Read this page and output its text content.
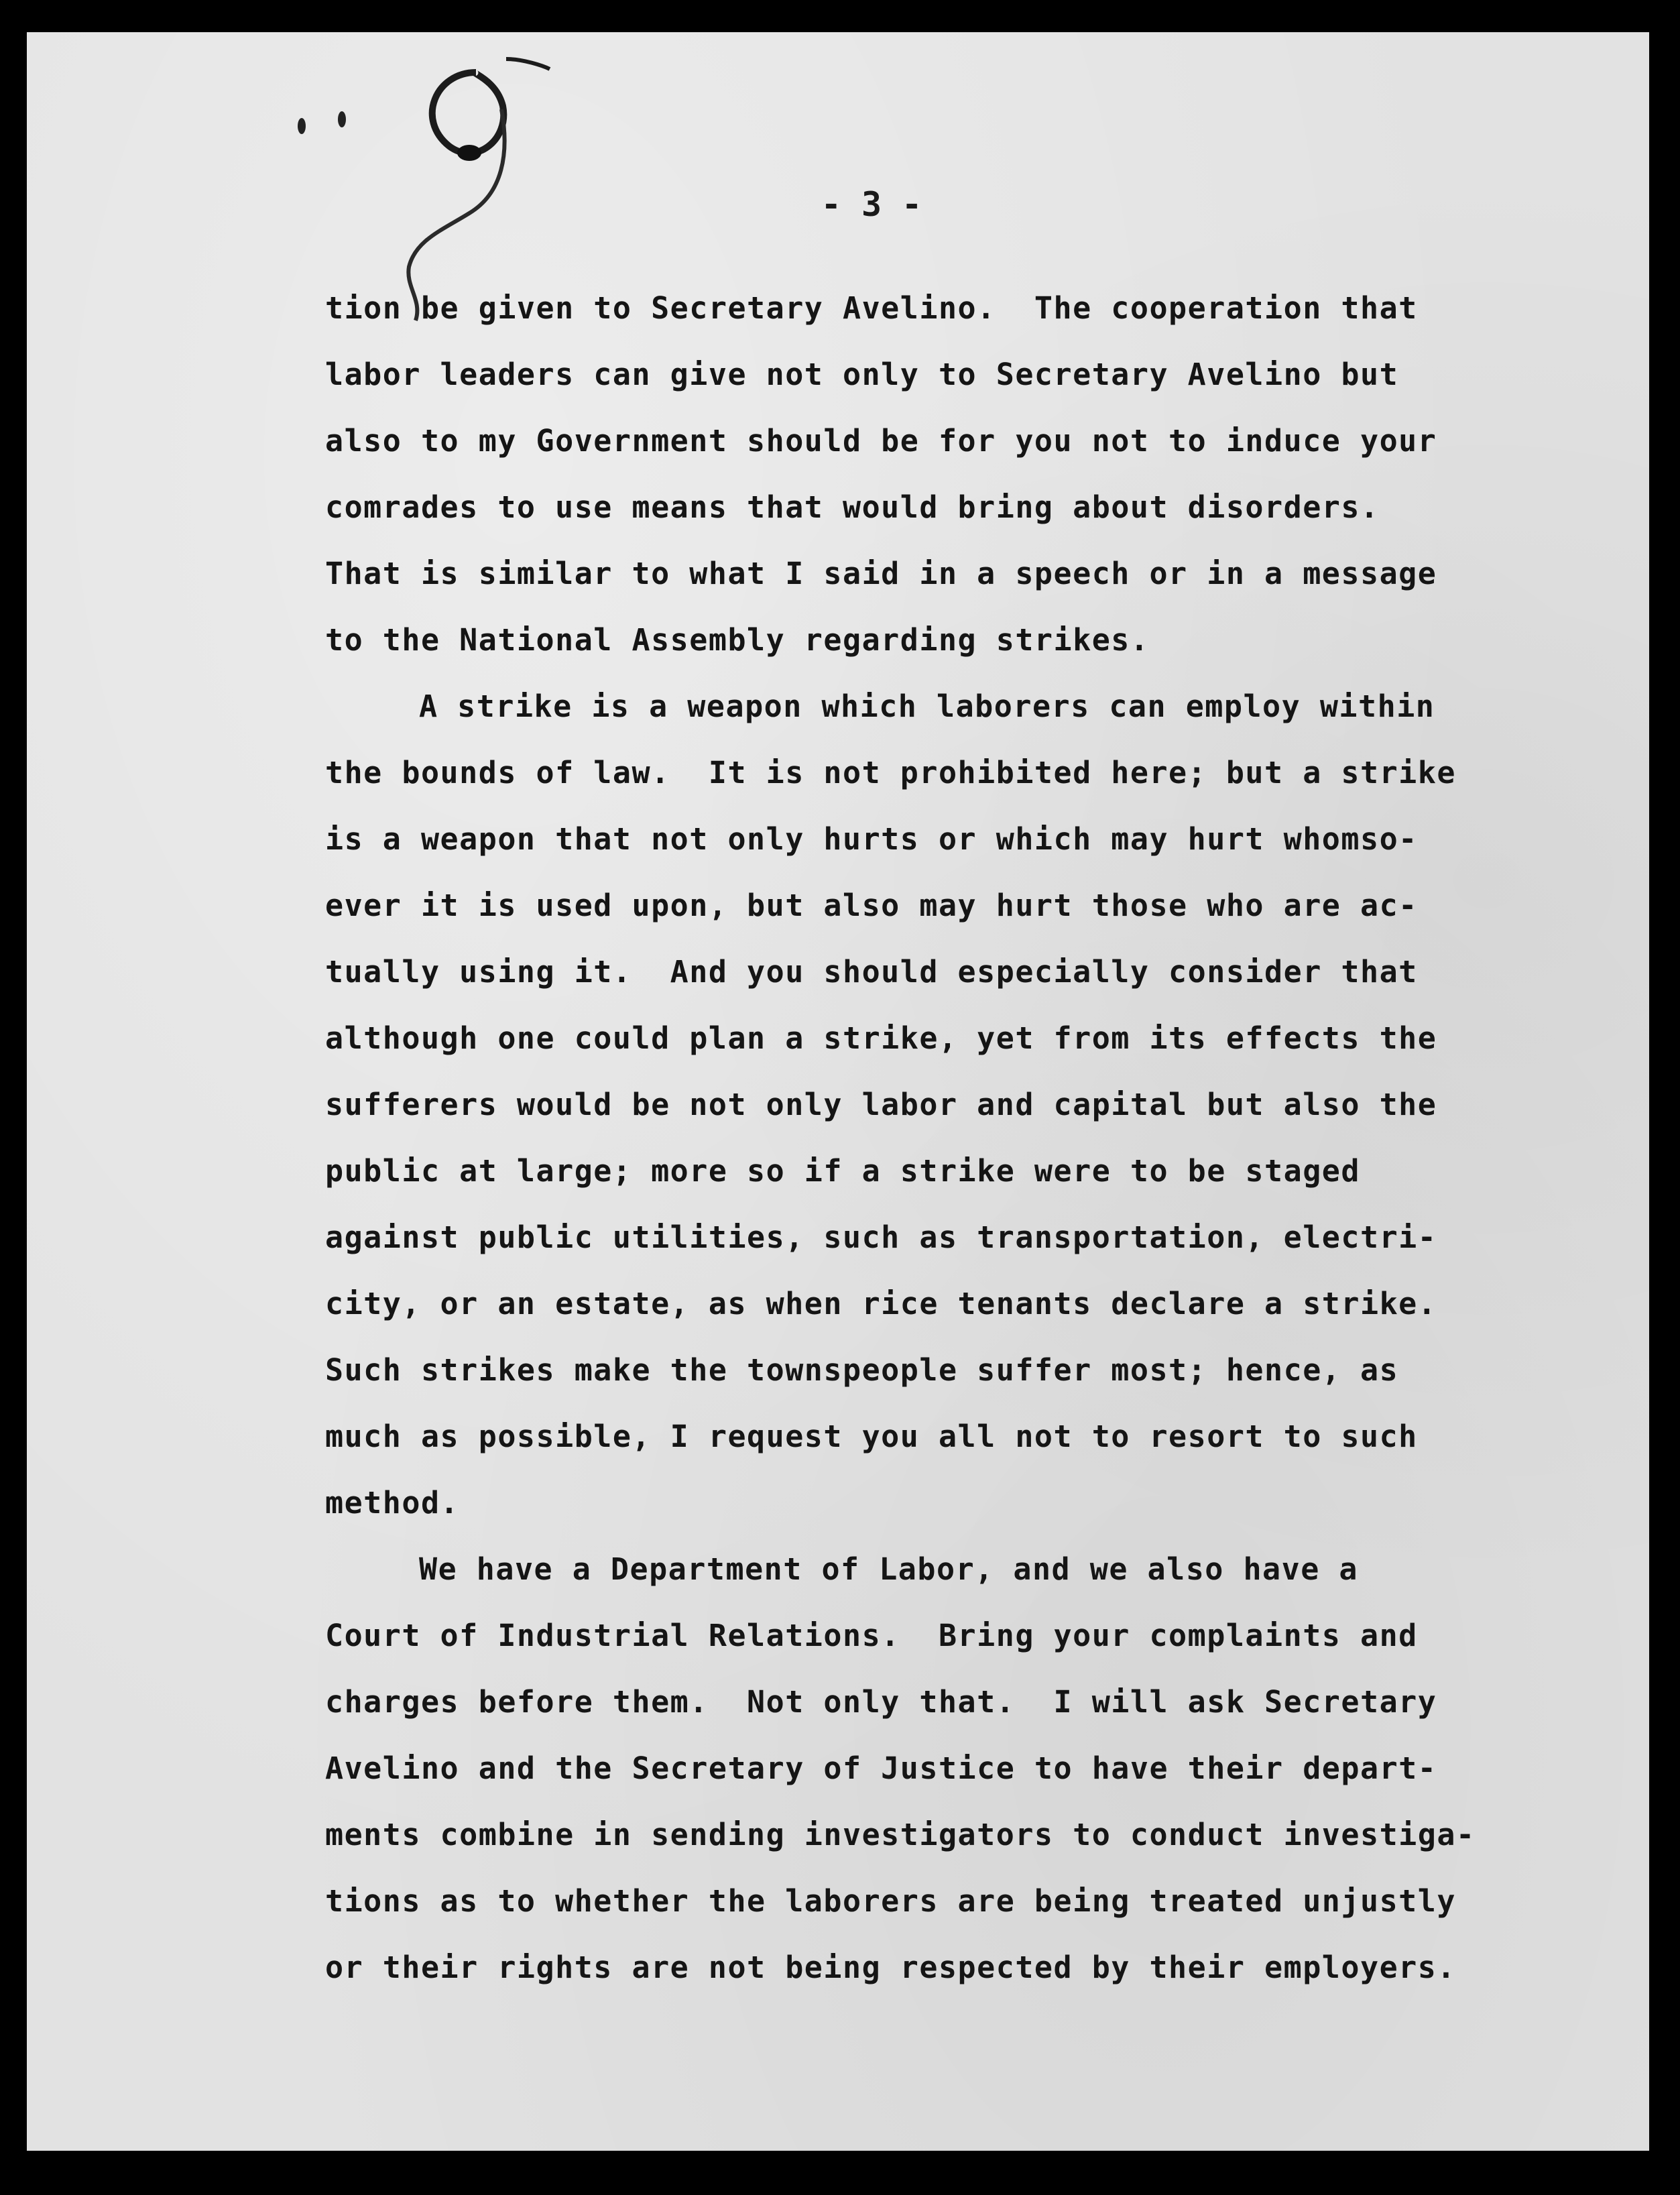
- 3 -
tion be given to Secretary Avelino.  The cooperation that
labor leaders can give not only to Secretary Avelino but
also to my Government should be for you not to induce your
comrades to use means that would bring about disorders.
That is similar to what I said in a speech or in a message
to the National Assembly regarding strikes.
A strike is a weapon which laborers can employ within
the bounds of law.  It is not prohibited here; but a strike
is a weapon that not only hurts or which may hurt whomso-
ever it is used upon, but also may hurt those who are ac-
tually using it.  And you should especially consider that
although one could plan a strike, yet from its effects the
sufferers would be not only labor and capital but also the
public at large; more so if a strike were to be staged
against public utilities, such as transportation, electri-
city, or an estate, as when rice tenants declare a strike.
Such strikes make the townspeople suffer most; hence, as
much as possible, I request you all not to resort to such
method.
We have a Department of Labor, and we also have a
Court of Industrial Relations.  Bring your complaints and
charges before them.  Not only that.  I will ask Secretary
Avelino and the Secretary of Justice to have their depart-
ments combine in sending investigators to conduct investiga-
tions as to whether the laborers are being treated unjustly
or their rights are not being respected by their employers.
